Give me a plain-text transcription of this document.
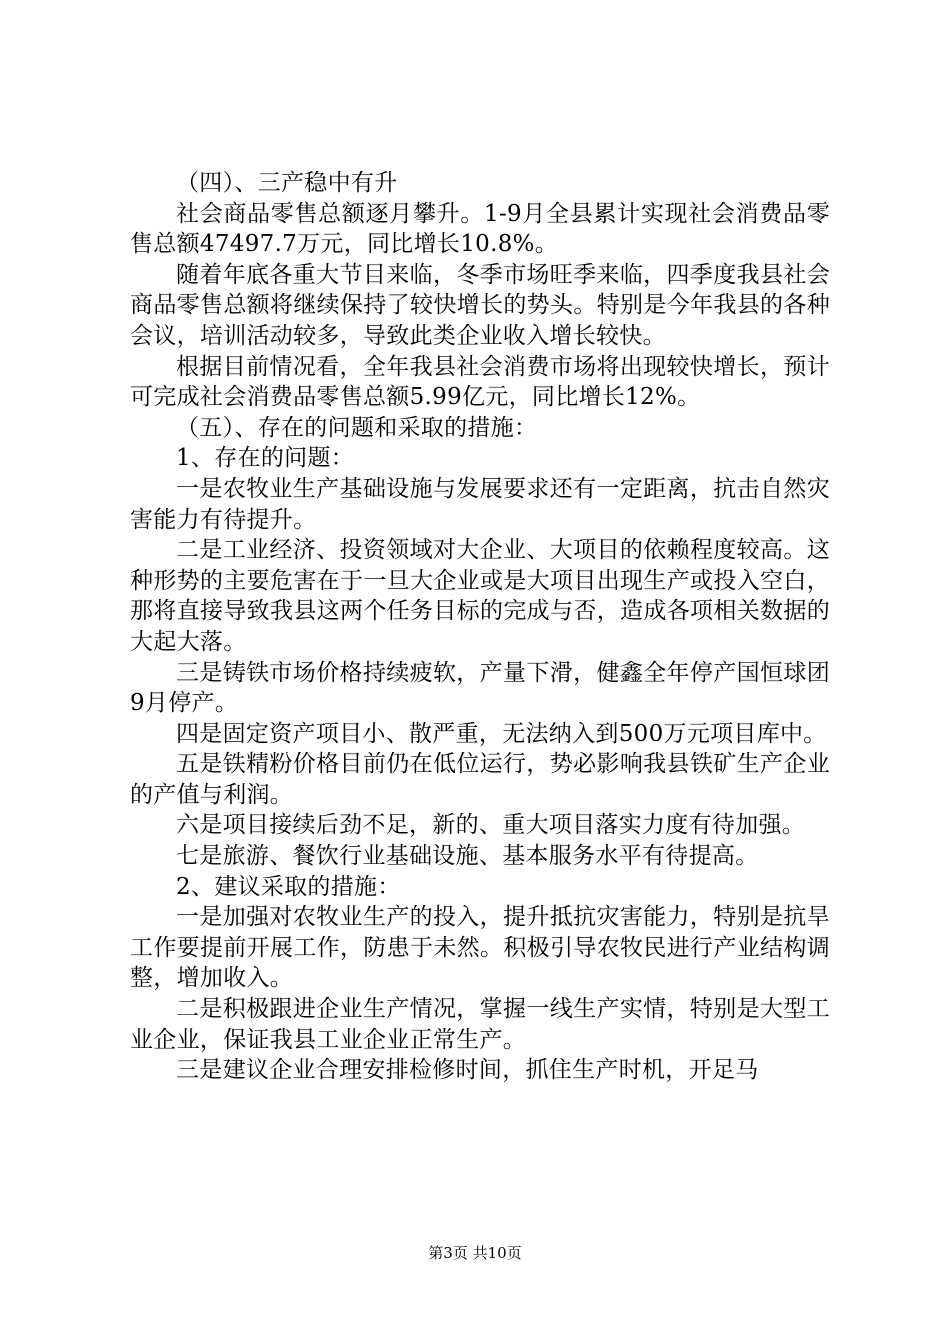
（四）、三产稳中有升

社会商品零售总额逐月攀升。1-9月全县累计实现社会消费品零售总额47497.7万元，同比增长10.8%。

随着年底各重大节目来临，冬季市场旺季来临，四季度我县社会商品零售总额将继续保持了较快增长的势头。特别是今年我县的各种会议，培训活动较多，导致此类企业收入增长较快。

根据目前情况看，全年我县社会消费市场将出现较快增长，预计可完成社会消费品零售总额5.99亿元，同比增长12%。

（五）、存在的问题和采取的措施：

1、存在的问题：

一是农牧业生产基础设施与发展要求还有一定距离，抗击自然灾害能力有待提升。

二是工业经济、投资领域对大企业、大项目的依赖程度较高。这种形势的主要危害在于一旦大企业或是大项目出现生产或投入空白，那将直接导致我县这两个任务目标的完成与否，造成各项相关数据的大起大落。

三是铸铁市场价格持续疲软，产量下滑，健鑫全年停产国恒球团9月停产。

四是固定资产项目小、散严重，无法纳入到500万元项目库中。

五是铁精粉价格目前仍在低位运行，势必影响我县铁矿生产企业的产值与利润。

六是项目接续后劲不足，新的、重大项目落实力度有待加强。

七是旅游、餐饮行业基础设施、基本服务水平有待提高。

2、建议采取的措施：

一是加强对农牧业生产的投入，提升抵抗灾害能力，特别是抗旱工作要提前开展工作，防患于未然。积极引导农牧民进行产业结构调整，增加收入。

二是积极跟进企业生产情况，掌握一线生产实情，特别是大型工业企业，保证我县工业企业正常生产。

三是建议企业合理安排检修时间，抓住生产时机，开足马

第3页 共10页
